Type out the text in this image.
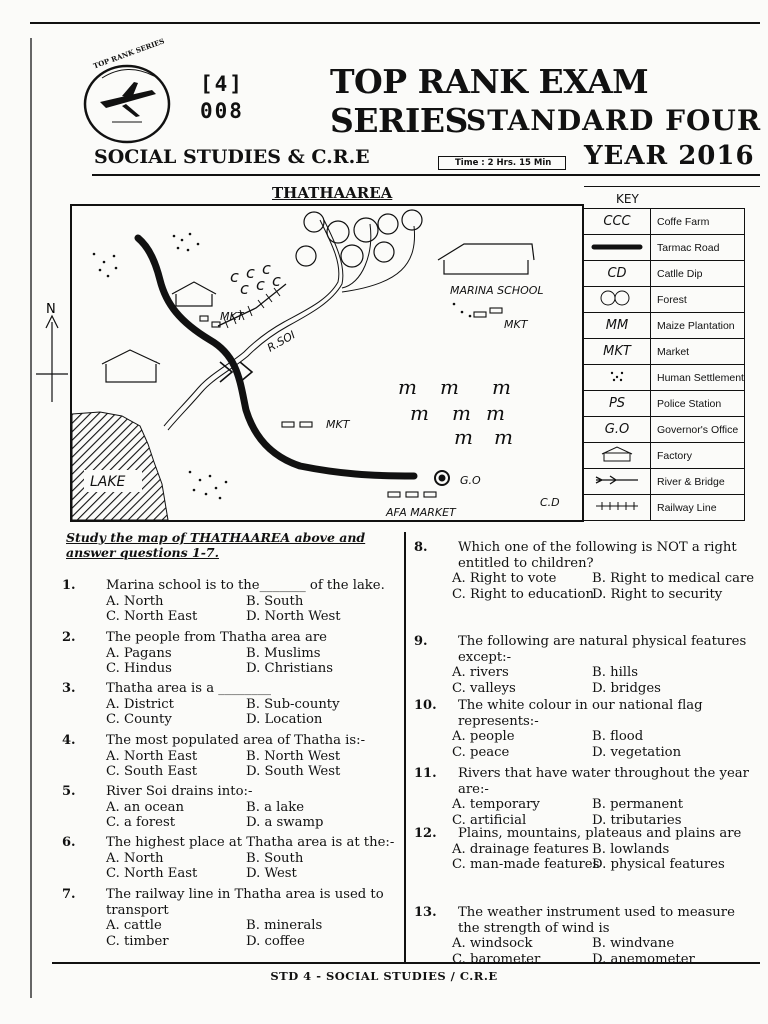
TOP RANK SERIES
[4]
008
TOP RANK EXAM SERIES
STANDARD FOUR
SOCIAL STUDIES & C.R.E	Time : 2 Hrs. 15 Min	YEAR 2016
THATHAAREA
c c c
c c c
m m m
m m m
m m
MARINA SCHOOL
MKT
MKT
MKT
R.SOI
G.O
AFA MARKET
C.D
LAKE
N
KEY
CCC	Coffe Farm
	Tarmac Road
CD	Catlle Dip
	Forest
MM	Maize Plantation
MKT	Market
	Human Settlement
PS	Police Station
G.O	Governor's Office
	Factory
	River & Bridge
	Railway Line
Study the map of THATHAAREA above and answer questions 1-7.
1. Marina school is to the_______ of the lake.
A. North	B. South
C. North East	D. North West
2. The people from Thatha area are
A. Pagans	B. Muslims
C. Hindus	D. Christians
3. Thatha area is a ________
A. District	B. Sub-county
C. County	D. Location
4. The most populated area of Thatha is:-
A. North East	B. North West
C. South East	D. South West
5. River Soi drains into:-
A. an ocean	B. a lake
C. a forest	D. a swamp
6. The highest place at Thatha area is at the:-
A. North	B. South
C. North East	D. West
7. The railway line in Thatha area is used to transport
A. cattle	B. minerals
C. timber	D. coffee
8. Which one of the following is NOT a right entitled to children?
A. Right to vote	B. Right to medical care
C. Right to education
D. Right to security
9. The following are natural physical features except:-
A. rivers	B. hills
C. valleys	D. bridges
10. The white colour in our national flag represents:-
A. people	B. flood
C. peace	D. vegetation
11. Rivers that have water throughout the year are:-
A. temporary	B. permanent
C. artificial	D. tributaries
12. Plains, mountains, plateaus and plains are
A. drainage features B. lowlands
C. man-made features
D. physical features
13. The weather instrument used to measure the strength of wind is
A. windsock	B. windvane
C. barometer	D. anemometer
STD 4 - SOCIAL STUDIES / C.R.E
